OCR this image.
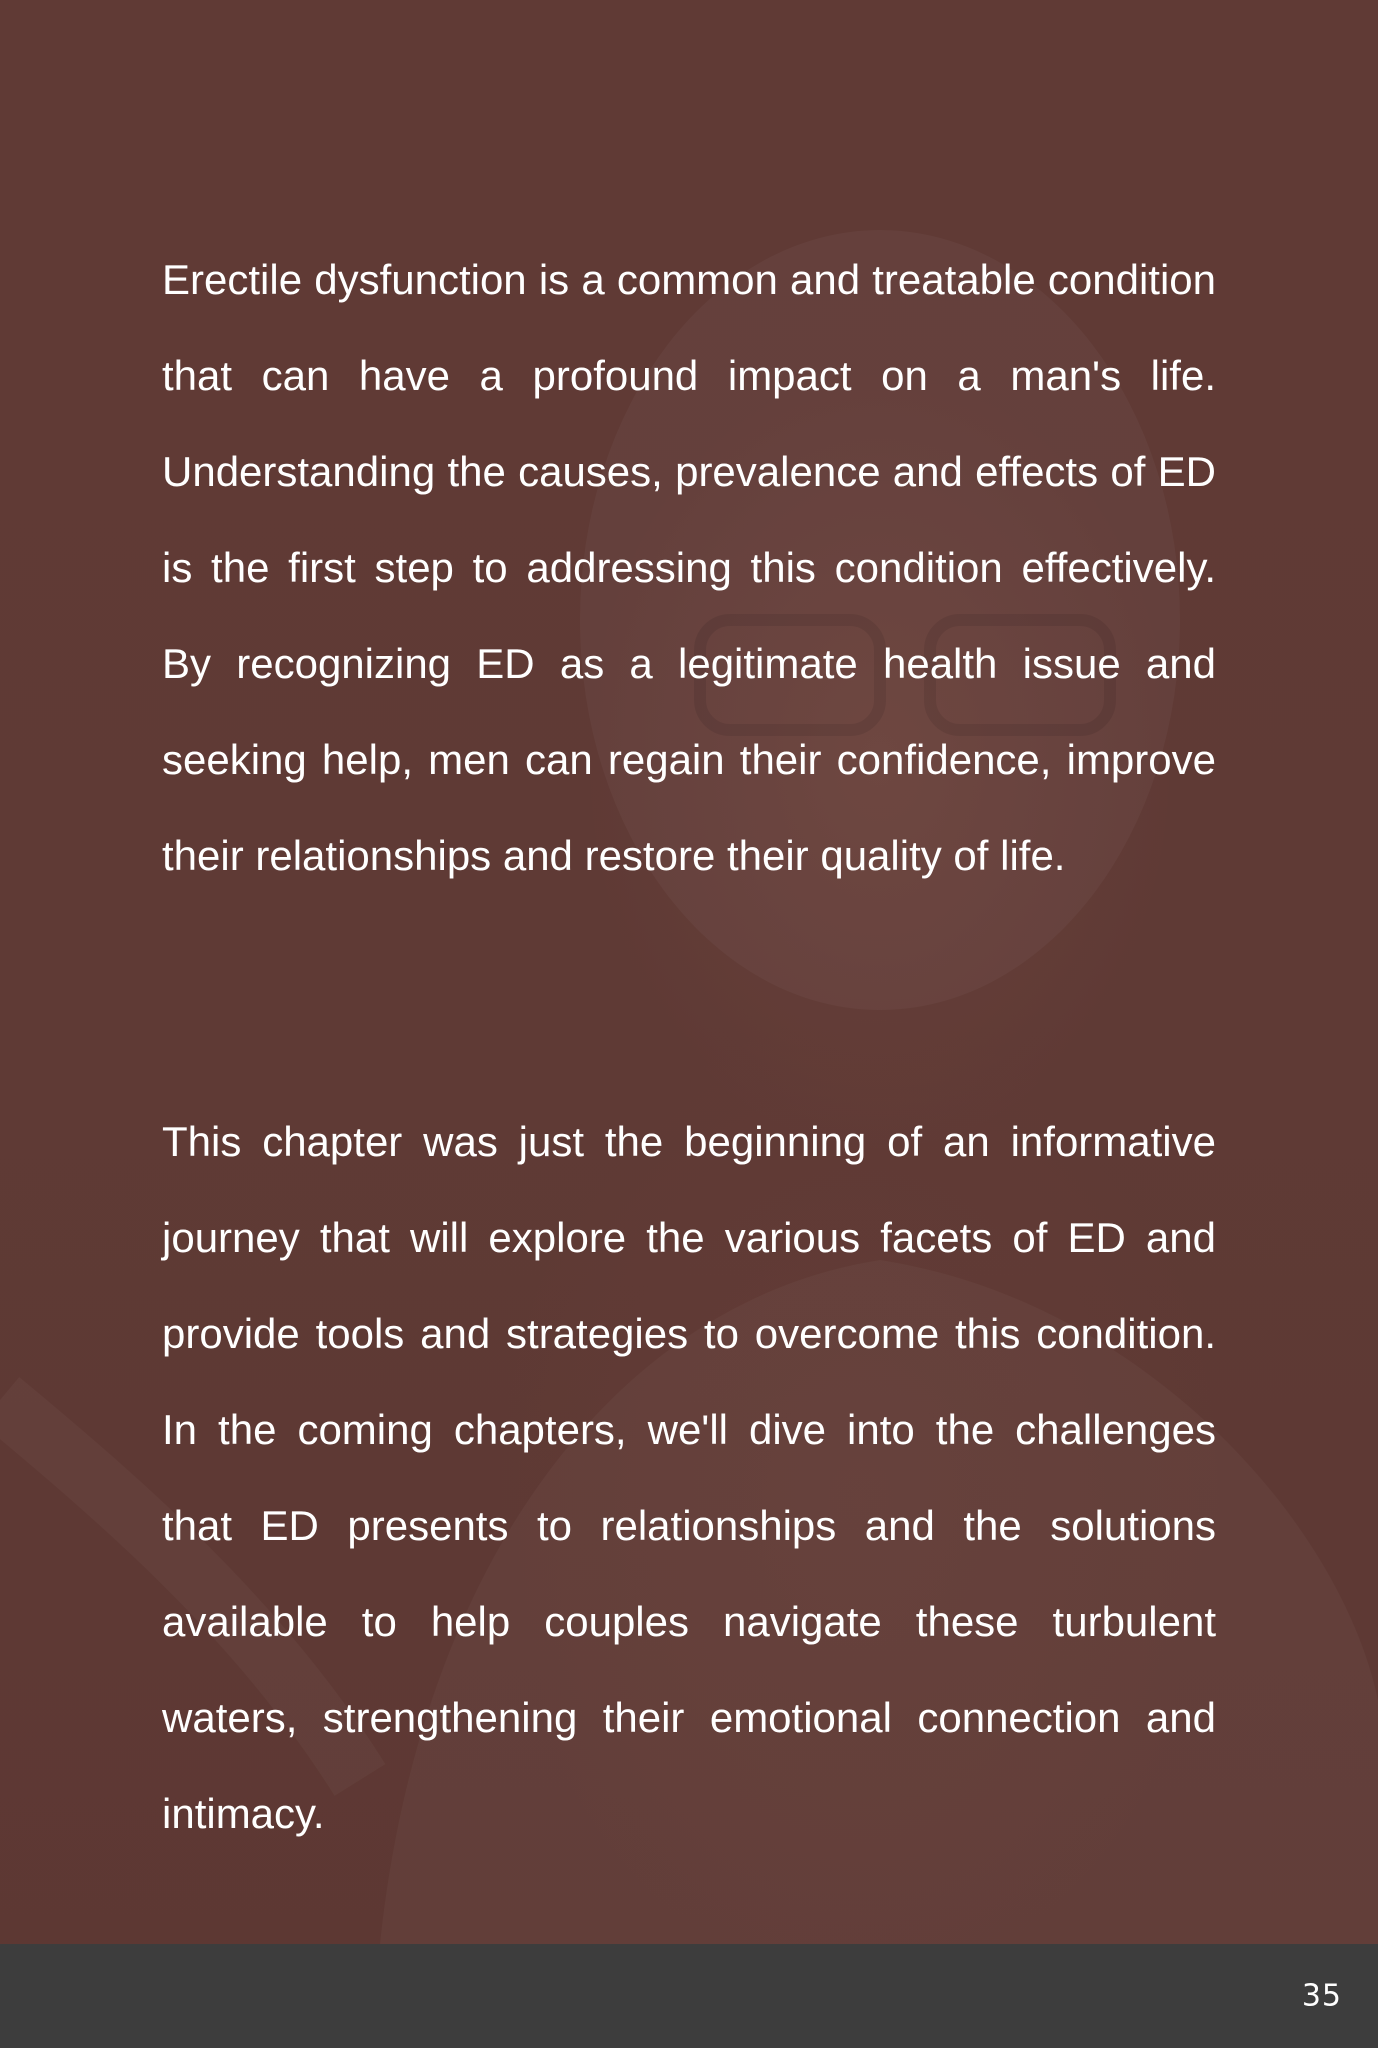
Erectile dysfunction is a common and treatable condition that can have a profound impact on a man's life. Understanding the causes, prevalence and effects of ED is the first step to addressing this condition effectively. By recognizing ED as a legitimate health issue and seeking help, men can regain their confidence, improve their relationships and restore their quality of life.

This chapter was just the beginning of an informative journey that will explore the various facets of ED and provide tools and strategies to overcome this condition. In the coming chapters, we'll dive into the challenges that ED presents to relationships and the solutions available to help couples navigate these turbulent waters, strengthening their emotional connection and intimacy.

35
